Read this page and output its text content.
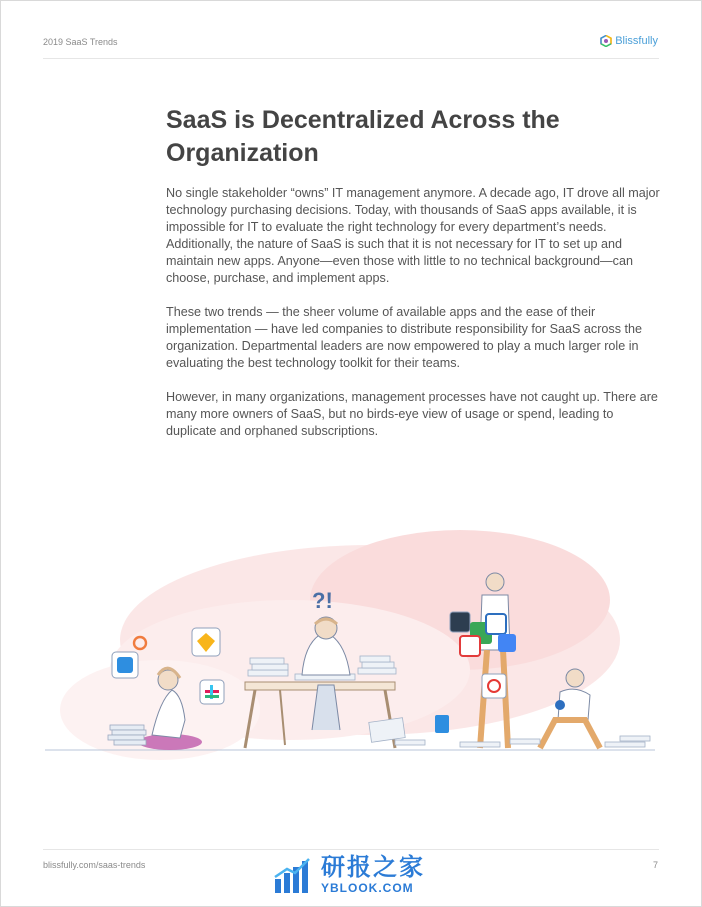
2019 SaaS Trends	Blissfully
SaaS is Decentralized Across the Organization

No single stakeholder “owns” IT management anymore. A decade ago, IT drove all major technology purchasing decisions. Today, with thousands of SaaS apps available, it is impossible for IT to evaluate the right technology for every department’s needs. Additionally, the nature of SaaS is such that it is not necessary for IT to set up and maintain new apps. Anyone—even those with little to no technical background—can choose, purchase, and implement apps.

These two trends — the sheer volume of available apps and the ease of their implementation — have led companies to distribute responsibility for SaaS across the organization. Departmental leaders are now empowered to play a much larger role in evaluating the best technology toolkit for their teams.

However, in many organizations, management processes have not caught up. There are many more owners of SaaS, but no birds-eye view of usage or spend, leading to duplicate and orphaned subscriptions.

?!
blissfully.com/saas-trends	7
研报之家
YBLOOK.COM
